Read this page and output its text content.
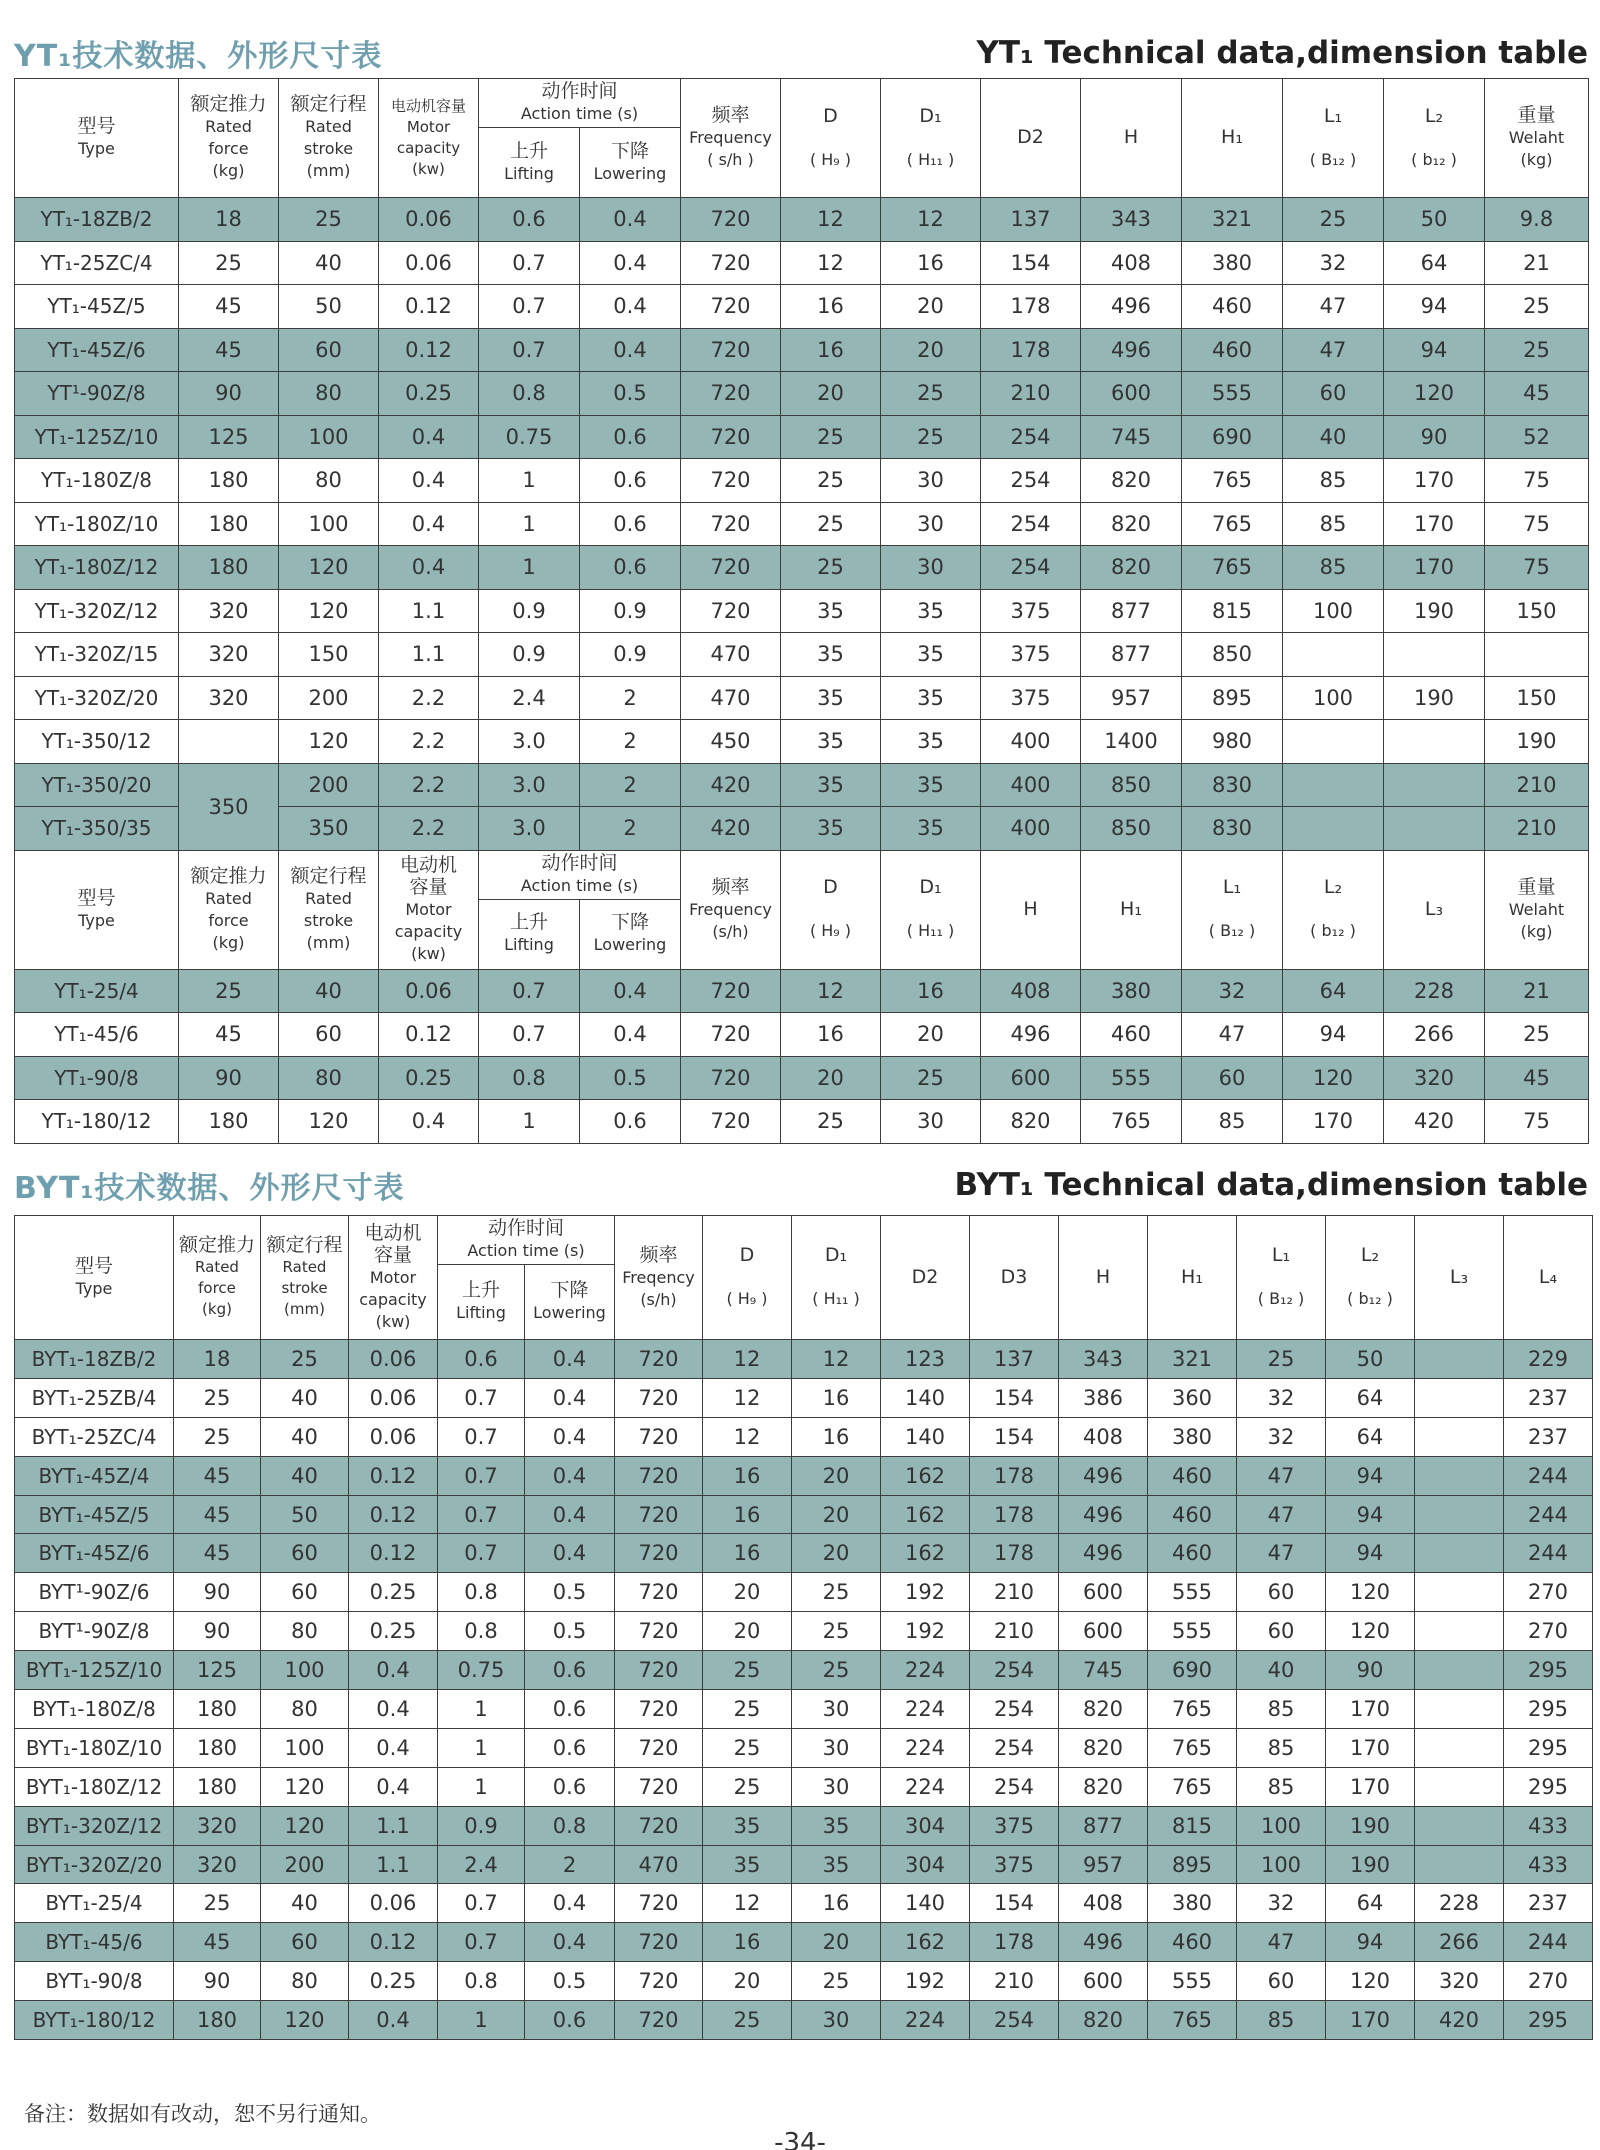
YT₁技术数据、外形尺寸表	YT₁ Technical data,dimension table
型号
Type	额定推力
Rated
force
(kg)	额定行程
Rated
stroke
(mm)	电动机容量
Motor
capacity
(kw)	动作时间
Action time (s)		频率
Frequency
( s/h )	D

( H₉ )	D₁

( H₁₁ )	D2	H	H₁	L₁

( B₁₂ )	L₂

( b₁₂ )	重量
Welaht
(kg)
				上升
Lifting	下降
Lowering									
YT₁-18ZB/2	18	25	0.06	0.6	0.4	720	12	12	137	343	321	25	50	9.8
YT₁-25ZC/4	25	40	0.06	0.7	0.4	720	12	16	154	408	380	32	64	21
YT₁-45Z/5	45	50	0.12	0.7	0.4	720	16	20	178	496	460	47	94	25
YT₁-45Z/6	45	60	0.12	0.7	0.4	720	16	20	178	496	460	47	94	25
YT¹-90Z/8	90	80	0.25	0.8	0.5	720	20	25	210	600	555	60	120	45
YT₁-125Z/10	125	100	0.4	0.75	0.6	720	25	25	254	745	690	40	90	52
YT₁-180Z/8	180	80	0.4	1	0.6	720	25	30	254	820	765	85	170	75
YT₁-180Z/10	180	100	0.4	1	0.6	720	25	30	254	820	765	85	170	75
YT₁-180Z/12	180	120	0.4	1	0.6	720	25	30	254	820	765	85	170	75
YT₁-320Z/12	320	120	1.1	0.9	0.9	720	35	35	375	877	815	100	190	150
YT₁-320Z/15	320	150	1.1	0.9	0.9	470	35	35	375	877	850			
YT₁-320Z/20	320	200	2.2	2.4	2	470	35	35	375	957	895	100	190	150
YT₁-350/12		120	2.2	3.0	2	450	35	35	400	1400	980			190
YT₁-350/20	350	200	2.2	3.0	2	420	35	35	400	850	830			210
YT₁-350/35		350	2.2	3.0	2	420	35	35	400	850	830			210
型号
Type	额定推力
Rated
force
(kg)	额定行程
Rated
stroke
(mm)	电动机
容量
Motor
capacity
(kw)	动作时间
Action time (s)		频率
Frequency
(s/h)	D

( H₉ )	D₁

( H₁₁ )	H	H₁	L₁

( B₁₂ )	L₂

( b₁₂ )	L₃	重量
Welaht
(kg)
				上升
Lifting	下降
Lowering									
YT₁-25/4	25	40	0.06	0.7	0.4	720	12	16	408	380	32	64	228	21
YT₁-45/6	45	60	0.12	0.7	0.4	720	16	20	496	460	47	94	266	25
YT₁-90/8	90	80	0.25	0.8	0.5	720	20	25	600	555	60	120	320	45
YT₁-180/12	180	120	0.4	1	0.6	720	25	30	820	765	85	170	420	75
BYT₁技术数据、外形尺寸表	BYT₁ Technical data,dimension table
型号
Type	额定推力
Rated
force
(kg)	额定行程
Rated
stroke
(mm)	电动机
容量
Motor
capacity
(kw)	动作时间
Action time (s)		频率
Freqency
(s/h)	D

( H₉ )	D₁

( H₁₁ )	D2	D3	H	H₁	L₁

( B₁₂ )	L₂

( b₁₂ )	L₃	L₄
				上升
Lifting	下降
Lowering											
BYT₁-18ZB/2	18	25	0.06	0.6	0.4	720	12	12	123	137	343	321	25	50		229
BYT₁-25ZB/4	25	40	0.06	0.7	0.4	720	12	16	140	154	386	360	32	64		237
BYT₁-25ZC/4	25	40	0.06	0.7	0.4	720	12	16	140	154	408	380	32	64		237
BYT₁-45Z/4	45	40	0.12	0.7	0.4	720	16	20	162	178	496	460	47	94		244
BYT₁-45Z/5	45	50	0.12	0.7	0.4	720	16	20	162	178	496	460	47	94		244
BYT₁-45Z/6	45	60	0.12	0.7	0.4	720	16	20	162	178	496	460	47	94		244
BYT¹-90Z/6	90	60	0.25	0.8	0.5	720	20	25	192	210	600	555	60	120		270
BYT¹-90Z/8	90	80	0.25	0.8	0.5	720	20	25	192	210	600	555	60	120		270
BYT₁-125Z/10	125	100	0.4	0.75	0.6	720	25	25	224	254	745	690	40	90		295
BYT₁-180Z/8	180	80	0.4	1	0.6	720	25	30	224	254	820	765	85	170		295
BYT₁-180Z/10	180	100	0.4	1	0.6	720	25	30	224	254	820	765	85	170		295
BYT₁-180Z/12	180	120	0.4	1	0.6	720	25	30	224	254	820	765	85	170		295
BYT₁-320Z/12	320	120	1.1	0.9	0.8	720	35	35	304	375	877	815	100	190		433
BYT₁-320Z/20	320	200	1.1	2.4	2	470	35	35	304	375	957	895	100	190		433
BYT₁-25/4	25	40	0.06	0.7	0.4	720	12	16	140	154	408	380	32	64	228	237
BYT₁-45/6	45	60	0.12	0.7	0.4	720	16	20	162	178	496	460	47	94	266	244
BYT₁-90/8	90	80	0.25	0.8	0.5	720	20	25	192	210	600	555	60	120	320	270
BYT₁-180/12	180	120	0.4	1	0.6	720	25	30	224	254	820	765	85	170	420	295
备注：数据如有改动，恕不另行通知。
-34-
